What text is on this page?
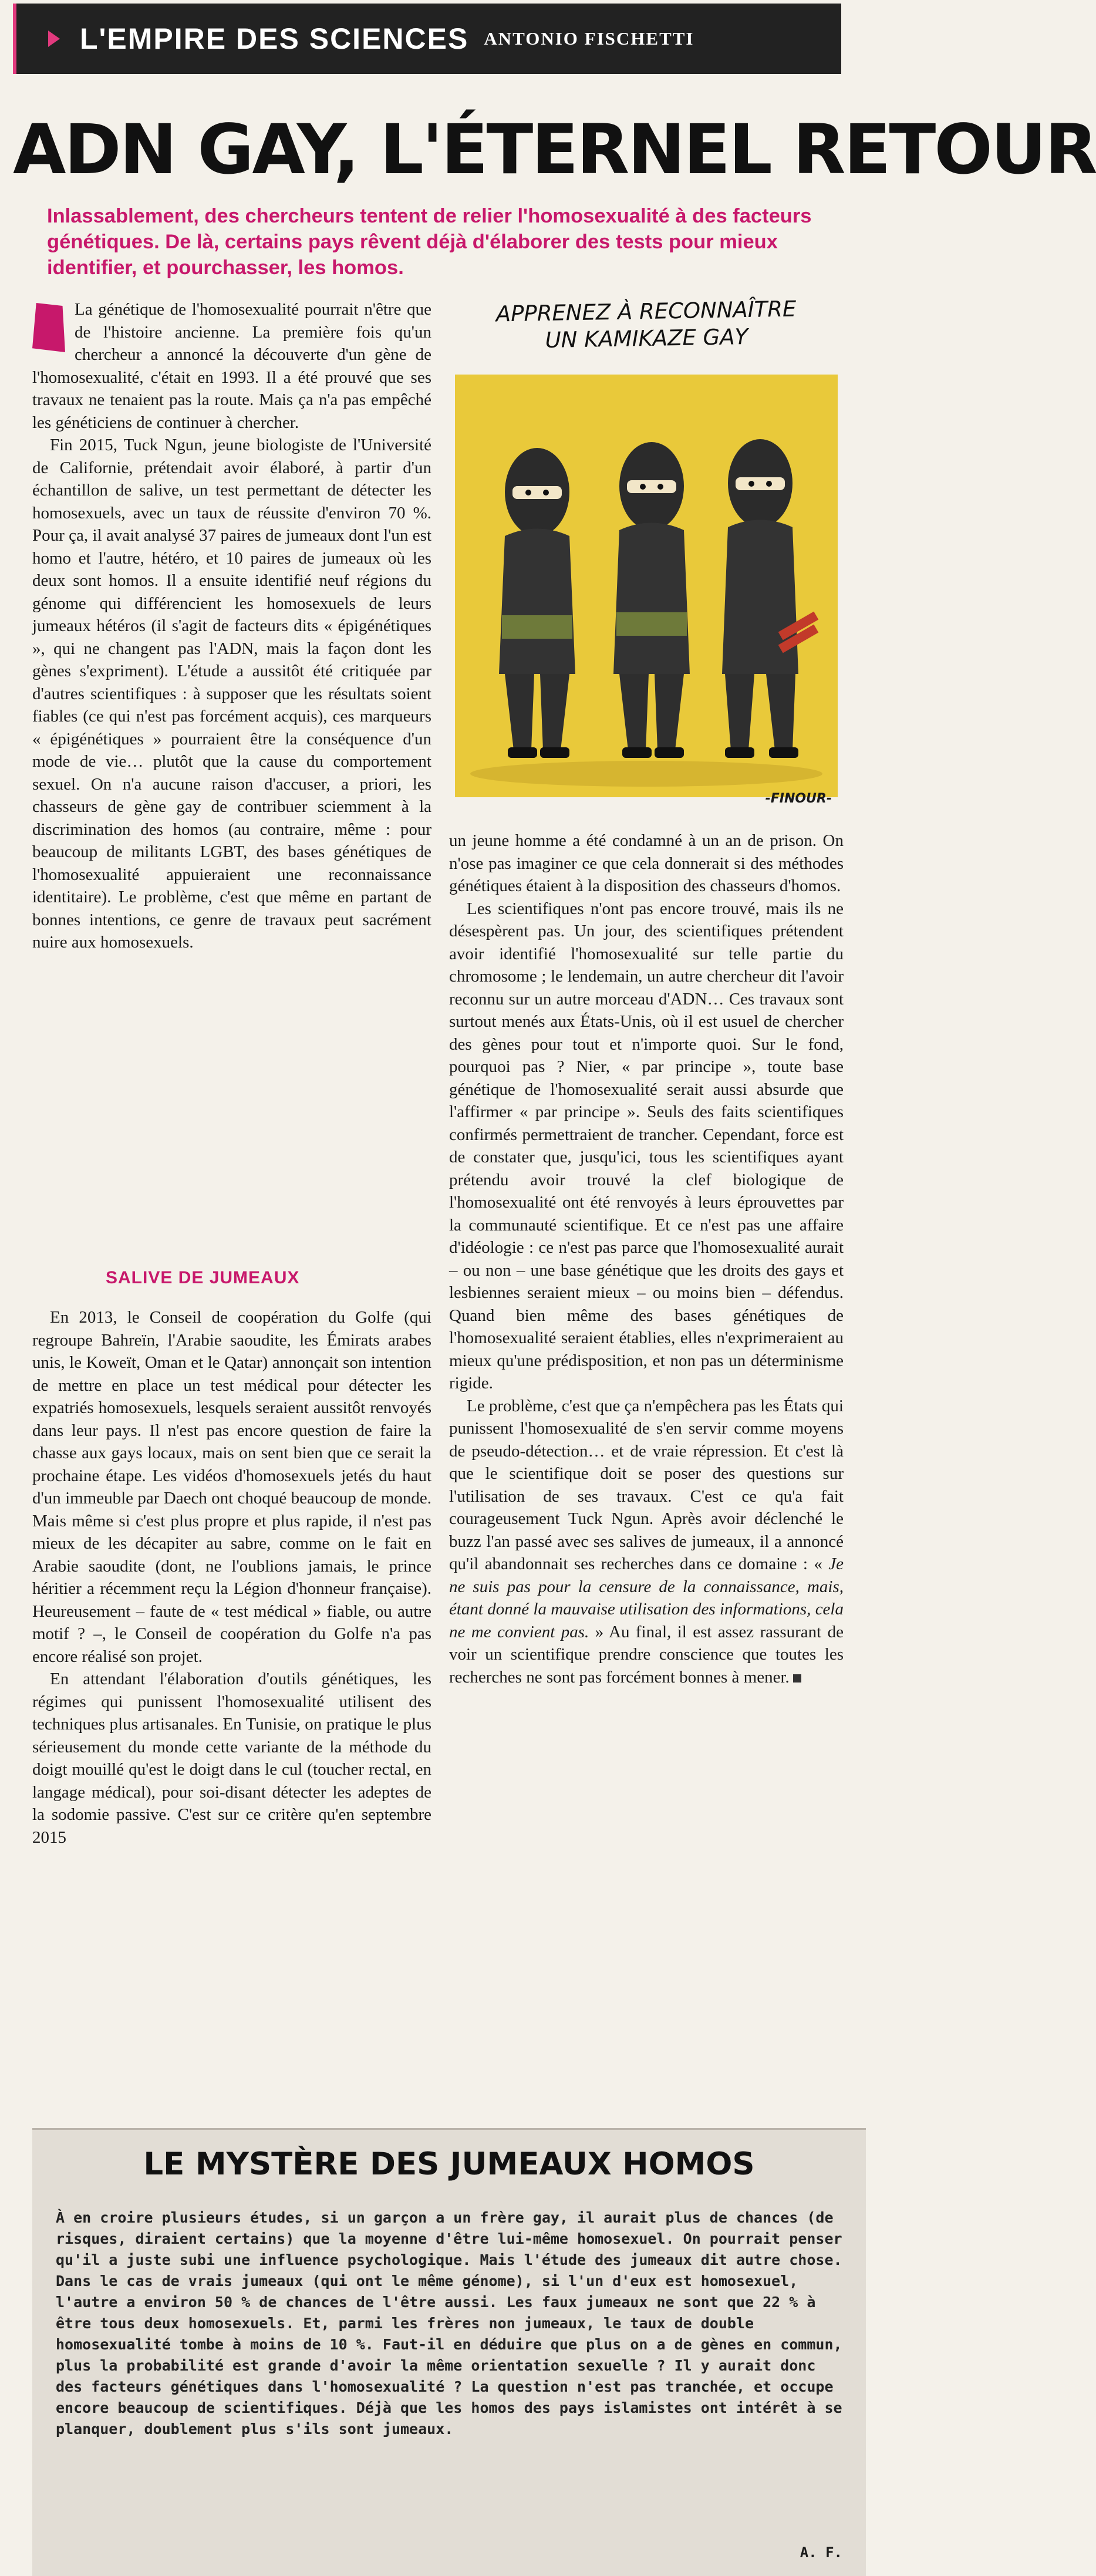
L'EMPIRE DES SCIENCES ANTONIO FISCHETTI
ADN GAY, L'ÉTERNEL RETOUR
Inlassablement, des chercheurs tentent de relier l'homosexualité à des facteurs génétiques. De là, certains pays rêvent déjà d'élaborer des tests pour mieux identifier, et pourchasser, les homos.

La génétique de l'homosexualité pourrait n'être que de l'histoire ancienne. La première fois qu'un chercheur a annoncé la découverte d'un gène de l'homosexualité, c'était en 1993. Il a été prouvé que ses travaux ne tenaient pas la route. Mais ça n'a pas empêché les généticiens de continuer à chercher.

Fin 2015, Tuck Ngun, jeune biologiste de l'Université de Californie, prétendait avoir élaboré, à partir d'un échantillon de salive, un test permettant de détecter les homosexuels, avec un taux de réussite d'environ 70 %. Pour ça, il avait analysé 37 paires de jumeaux dont l'un est homo et l'autre, hétéro, et 10 paires de jumeaux où les deux sont homos. Il a ensuite identifié neuf régions du génome qui différencient les homosexuels de leurs jumeaux hétéros (il s'agit de facteurs dits « épigénétiques », qui ne changent pas l'ADN, mais la façon dont les gènes s'expriment). L'étude a aussitôt été critiquée par d'autres scientifiques : à supposer que les résultats soient fiables (ce qui n'est pas forcément acquis), ces marqueurs « épigénétiques » pourraient être la conséquence d'un mode de vie… plutôt que la cause du comportement sexuel. On n'a aucune raison d'accuser, a priori, les chasseurs de gène gay de contribuer sciemment à la discrimination des homos (au contraire, même : pour beaucoup de militants LGBT, des bases génétiques de l'homosexualité appuieraient une reconnaissance identitaire). Le problème, c'est que même en partant de bonnes intentions, ce genre de travaux peut sacrément nuire aux homosexuels.

SALIVE DE JUMEAUX

En 2013, le Conseil de coopération du Golfe (qui regroupe Bahreïn, l'Arabie saoudite, les Émirats arabes unis, le Koweït, Oman et le Qatar) annonçait son intention de mettre en place un test médical pour détecter les expatriés homosexuels, lesquels seraient aussitôt renvoyés dans leur pays. Il n'est pas encore question de faire la chasse aux gays locaux, mais on sent bien que ce serait la prochaine étape. Les vidéos d'homosexuels jetés du haut d'un immeuble par Daech ont choqué beaucoup de monde. Mais même si c'est plus propre et plus rapide, il n'est pas mieux de les décapiter au sabre, comme on le fait en Arabie saoudite (dont, ne l'oublions jamais, le prince héritier a récemment reçu la Légion d'honneur française). Heureusement – faute de « test médical » fiable, ou autre motif ? –, le Conseil de coopération du Golfe n'a pas encore réalisé son projet.

En attendant l'élaboration d'outils génétiques, les régimes qui punissent l'homosexualité utilisent des techniques plus artisanales. En Tunisie, on pratique le plus sérieusement du monde cette variante de la méthode du doigt mouillé qu'est le doigt dans le cul (toucher rectal, en langage médical), pour soi-disant détecter les adeptes de la sodomie passive. C'est sur ce critère qu'en septembre 2015

APPRENEZ À RECONNAÎTRE
UN KAMIKAZE GAY
-FINOUR-

un jeune homme a été condamné à un an de prison. On n'ose pas imaginer ce que cela donnerait si des méthodes génétiques étaient à la disposition des chasseurs d'homos.

Les scientifiques n'ont pas encore trouvé, mais ils ne désespèrent pas. Un jour, des scientifiques prétendent avoir identifié l'homosexualité sur telle partie du chromosome ; le lendemain, un autre chercheur dit l'avoir reconnu sur un autre morceau d'ADN… Ces travaux sont surtout menés aux États-Unis, où il est usuel de chercher des gènes pour tout et n'importe quoi. Sur le fond, pourquoi pas ? Nier, « par principe », toute base génétique de l'homosexualité serait aussi absurde que l'affirmer « par principe ». Seuls des faits scientifiques confirmés permettraient de trancher. Cependant, force est de constater que, jusqu'ici, tous les scientifiques ayant prétendu avoir trouvé la clef biologique de l'homosexualité ont été renvoyés à leurs éprouvettes par la communauté scientifique. Et ce n'est pas une affaire d'idéologie : ce n'est pas parce que l'homosexualité aurait – ou non – une base génétique que les droits des gays et lesbiennes seraient mieux – ou moins bien – défendus. Quand bien même des bases génétiques de l'homosexualité seraient établies, elles n'exprimeraient au mieux qu'une prédisposition, et non pas un déterminisme rigide.

Le problème, c'est que ça n'empêchera pas les États qui punissent l'homosexualité de s'en servir comme moyens de pseudo-détection… et de vraie répression. Et c'est là que le scientifique doit se poser des questions sur l'utilisation de ses travaux. C'est ce qu'a fait courageusement Tuck Ngun. Après avoir déclenché le buzz l'an passé avec ses salives de jumeaux, il a annoncé qu'il abandonnait ses recherches dans ce domaine : « Je ne suis pas pour la censure de la connaissance, mais, étant donné la mauvaise utilisation des informations, cela ne me convient pas. » Au final, il est assez rassurant de voir un scientifique prendre conscience que toutes les recherches ne sont pas forcément bonnes à mener.

LE MYSTÈRE DES JUMEAUX HOMOS
À en croire plusieurs études, si un garçon a un frère gay, il aurait plus de chances (de risques, diraient certains) que la moyenne d'être lui-même homosexuel. On pourrait penser qu'il a juste subi une influence psychologique. Mais l'étude des jumeaux dit autre chose. Dans le cas de vrais jumeaux (qui ont le même génome), si l'un d'eux est homosexuel, l'autre a environ 50 % de chances de l'être aussi. Les faux jumeaux ne sont que 22 % à être tous deux homosexuels. Et, parmi les frères non jumeaux, le taux de double homosexualité tombe à moins de 10 %. Faut-il en déduire que plus on a de gènes en commun, plus la probabilité est grande d'avoir la même orientation sexuelle ? Il y aurait donc des facteurs génétiques dans l'homosexualité ? La question n'est pas tranchée, et occupe encore beaucoup de scientifiques. Déjà que les homos des pays islamistes ont intérêt à se planquer, doublement plus s'ils sont jumeaux.
A. F.
